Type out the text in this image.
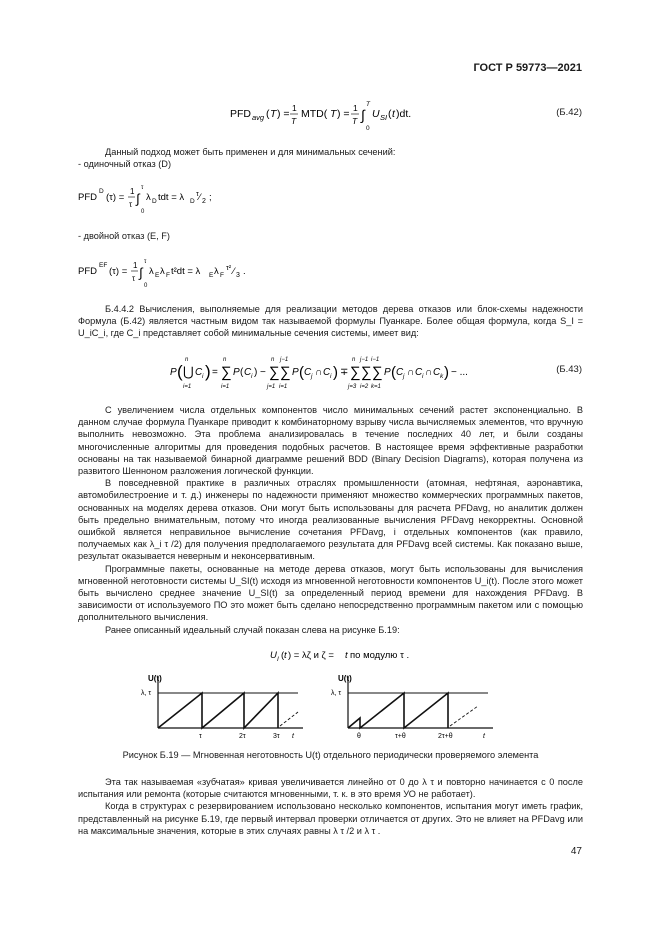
ГОСТ Р 59773—2021
PFD avg ( T ) = 1
T
MTD( T ) = 1
T ∫
T
0
U SI ( t )dt.	(Б.42)

Данный подход может быть применен и для минимальных сечений:

- одиночный отказ (D)

PFD
D
(τ) =
1
τ ∫
τ
0
λ D tdt = λ D
τ ⁄ 2 ;

- двойной отказ (E, F)

PFD
EF
(τ) =
1
τ ∫
τ
0
λ E λ F t²dt = λ E λ F
τ² ⁄ 3 .

Б.4.4.2 Вычисления, выполняемые для реализации методов дерева отказов или блок-схемы надежности Формула (Б.42) является частным видом так называемой формулы Пуанкаре. Более общая формула, когда S_I = U_iC_i, где C_i представляет собой минимальные сечения системы, имеет вид:

P ( ⋃
n
i=1
C i ) = ∑
n
i=1
P ( C i ) − ∑
n
j=1
∑
j−1
i=1
P ( C j ∩ C i ) ∓ ∑
n
j=3
∑
j−1
i=2
∑
i−1
k=1
P ( C j ∩ C i ∩ C k ) − ...	(Б.43)

С увеличением числа отдельных компонентов число минимальных сечений растет экспоненциально. В данном случае формула Пуанкаре приводит к комбинаторному взрыву числа вычисляемых элементов, что вручную выполнить невозможно. Эта проблема анализировалась в течение последних 40 лет, и были созданы многочисленные алгоритмы для проведения подобных расчетов. В настоящее время эффективные разработки основаны на так называемой бинарной диаграмме решений BDD (Binary Decision Diagrams), которая получена из развитого Шенноном разложения логической функции.

В повседневной практике в различных отраслях промышленности (атомная, нефтяная, аэронавтика, автомобилестроение и т. д.) инженеры по надежности применяют множество коммерческих программных пакетов, основанных на моделях дерева отказов. Они могут быть использованы для расчета PFDavg, но аналитик должен быть предельно внимательным, потому что иногда реализованные вычисления PFDavg некорректны. Основной ошибкой является неправильное вычисление сочетания PFDavg, i отдельных компонентов (как правило, получаемых как λ_i τ /2) для получения предполагаемого результата для PFDavg всей системы. Как показано выше, результат оказывается неверным и неконсервативным.

Программные пакеты, основанные на методе дерева отказов, могут быть использованы для вычисления мгновенной неготовности системы U_SI(t) исходя из мгновенной неготовности компонентов U_i(t). После этого может быть вычислено среднее значение U_SI(t) за определенный период времени для нахождения PFDavg. В зависимости от используемого ПО это может быть сделано непосредственно программным пакетом или с помощью дополнительного вычисления.

Ранее описанный идеальный случай показан слева на рисунке Б.19:

U I ( t ) = λζ и ζ = t по модулю τ .
U(t)
λ, τ
τ	2τ	3τ t
U(t)
λ, τ
θ	τ+θ	2τ+θ	t
Рисунок Б.19 — Мгновенная неготовность U(t) отдельного периодически проверяемого элемента

Эта так называемая «зубчатая» кривая увеличивается линейно от 0 до λ τ и повторно начинается с 0 после испытания или ремонта (которые считаются мгновенными, т. к. в это время УО не работает).

Когда в структурах с резервированием использовано несколько компонентов, испытания могут иметь график, представленный на рисунке Б.19, где первый интервал проверки отличается от других. Это не влияет на PFDavg или на максимальные значения, которые в этих случаях равны λ τ /2 и λ τ .

47
